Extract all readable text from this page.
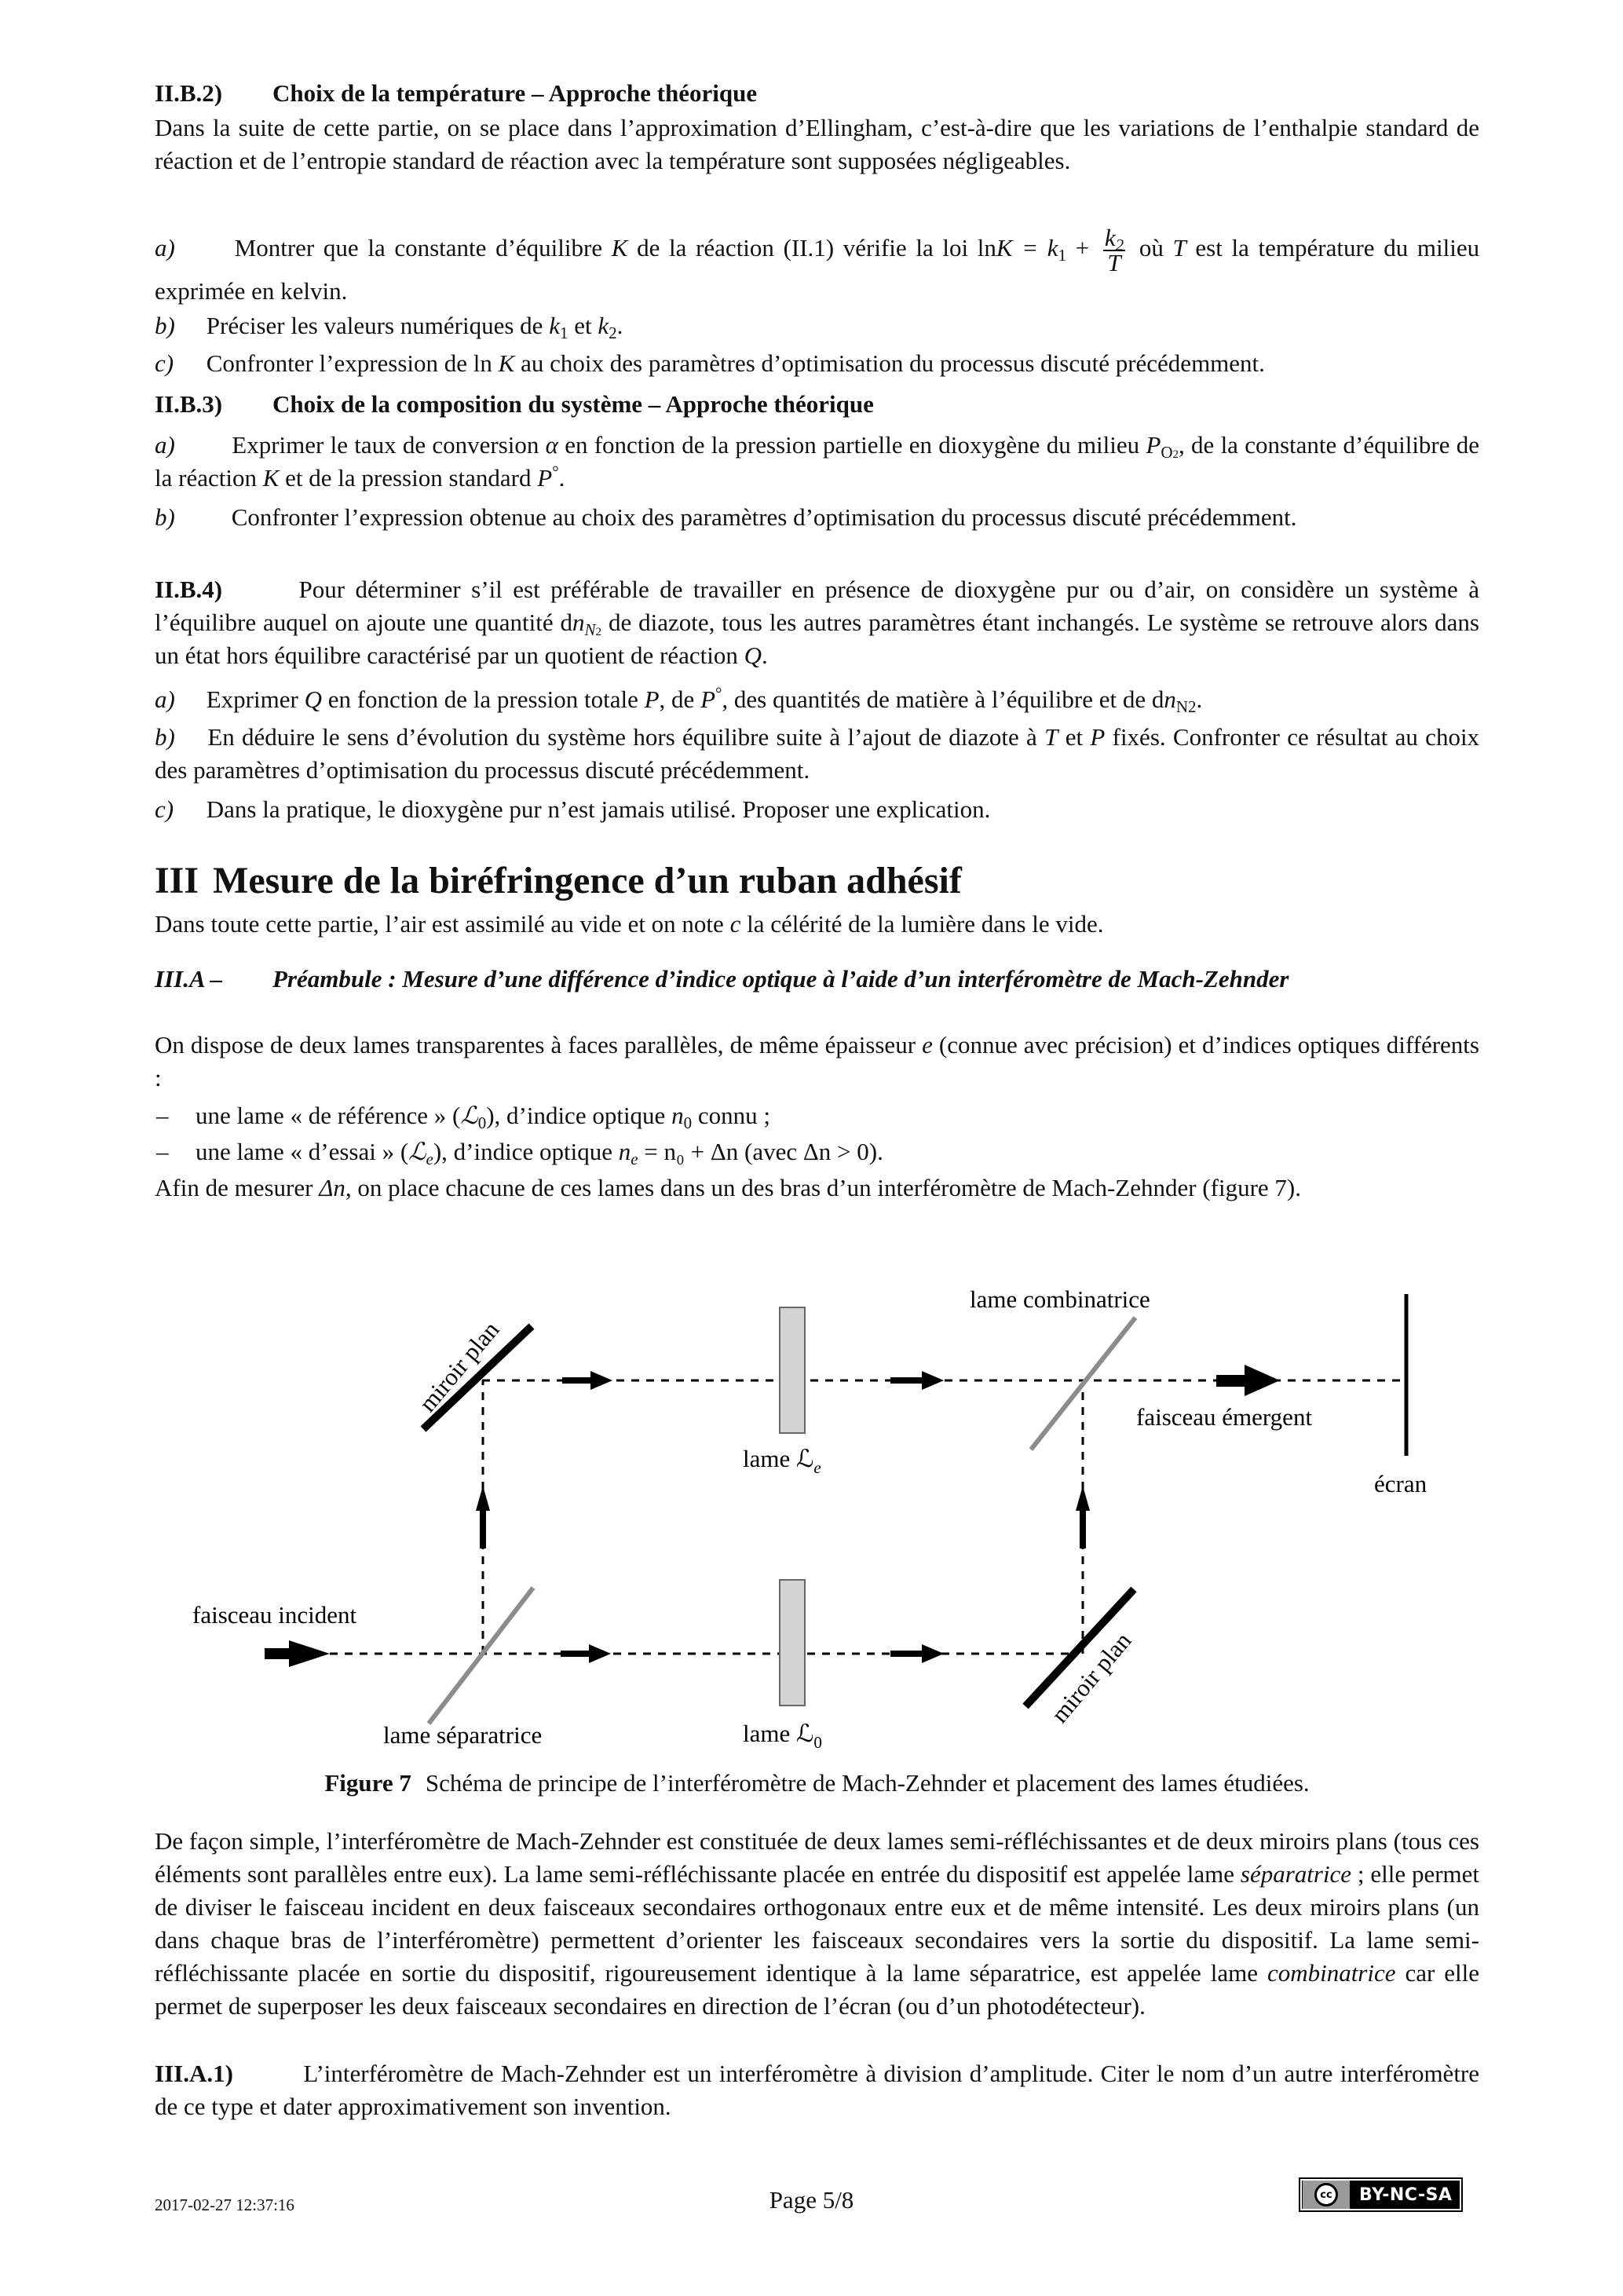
II.B.2) Choix de la température – Approche théorique

Dans la suite de cette partie, on se place dans l’approximation d’Ellingham, c’est-à-dire que les variations de l’enthalpie standard de réaction et de l’entropie standard de réaction avec la température sont supposées négligeables.

a) Montrer que la constante d’équilibre K de la réaction (II.1) vérifie la loi $\ln K = k_1 + \frac{k_2}{T}$ où T est la température du milieu exprimée en kelvin.

b) Préciser les valeurs numériques de $k_1$ et $k_2$.

c) Confronter l’expression de ln K au choix des paramètres d’optimisation du processus discuté précédemment.

II.B.3) Choix de la composition du système – Approche théorique

a) Exprimer le taux de conversion α en fonction de la pression partielle en dioxygène du milieu $P_{O2}$, de la constante d’équilibre de la réaction K et de la pression standard P°.

b) Confronter l’expression obtenue au choix des paramètres d’optimisation du processus discuté précédemment.

II.B.4)	Pour déterminer s’il est préférable de travailler en présence de dioxygène pur ou d’air, on considère un système à l’équilibre auquel on ajoute une quantité $dn_{N2}$ de diazote, tous les autres paramètres étant inchangés. Le système se retrouve alors dans un état hors équilibre caractérisé par un quotient de réaction Q.

a) Exprimer Q en fonction de la pression totale P, de P°, des quantités de matière à l’équilibre et de $dn_{N2}$.

b) En déduire le sens d’évolution du système hors équilibre suite à l’ajout de diazote à T et P fixés. Confronter ce résultat au choix des paramètres d’optimisation du processus discuté précédemment.

c) Dans la pratique, le dioxygène pur n’est jamais utilisé. Proposer une explication.

III Mesure de la biréfringence d’un ruban adhésif

Dans toute cette partie, l’air est assimilé au vide et on note c la célérité de la lumière dans le vide.

III.A –	Préambule : Mesure d’une différence d’indice optique à l’aide d’un interféromètre de Mach-Zehnder

On dispose de deux lames transparentes à faces parallèles, de même épaisseur e (connue avec précision) et d’indices optiques différents :

–	une lame « de référence » (ℒ$_0$), d’indice optique $n_0$ connu ;
–	une lame « d’essai » (ℒ$_e$), d’indice optique $n_e = n_0 + \Delta n$ (avec Δn > 0).

Afin de mesurer Δn, on place chacune de ces lames dans un des bras d’un interféromètre de Mach-Zehnder (figure 7).

miroir plan
lame combinatrice
faisceau émergent
lame ℒ$_e$
écran
faisceau incident
lame séparatrice	lame ℒ$_0$
miroir plan
Figure 7 Schéma de principe de l’interféromètre de Mach-Zehnder et placement des lames étudiées.

De façon simple, l’interféromètre de Mach-Zehnder est constituée de deux lames semi-réfléchissantes et de deux miroirs plans (tous ces éléments sont parallèles entre eux). La lame semi-réfléchissante placée en entrée du dispositif est appelée lame séparatrice ; elle permet de diviser le faisceau incident en deux faisceaux secondaires orthogonaux entre eux et de même intensité. Les deux miroirs plans (un dans chaque bras de l’interféromètre) permettent d’orienter les faisceaux secondaires vers la sortie du dispositif. La lame semi-réfléchissante placée en sortie du dispositif, rigoureusement identique à la lame séparatrice, est appelée lame combinatrice car elle permet de superposer les deux faisceaux secondaires en direction de l’écran (ou d’un photodétecteur).

III.A.1)	L’interféromètre de Mach-Zehnder est un interféromètre à division d’amplitude. Citer le nom d’un autre interféromètre de ce type et dater approximativement son invention.

2017-02-27 12:37:16	Page 5/8	cc	BY-NC-SA
